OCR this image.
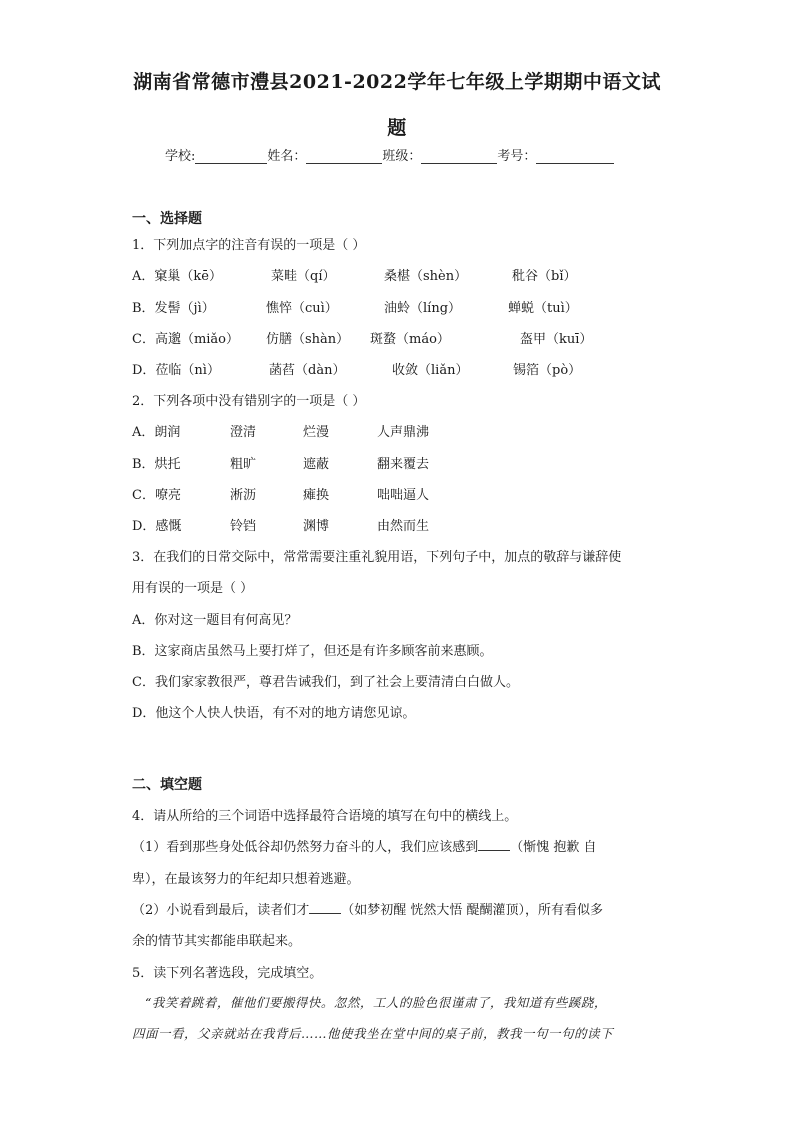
湖南省常德市澧县2021-2022学年七年级上学期期中语文试
题
学校:	姓名：	班级：	考号：
一、选择题
1．下列加点字的注音有误的一项是（ ）
A．窠巢（kē）	菜畦（qí）	桑椹（shèn）	秕谷（bǐ）
B．发髻（jì）	憔悴（cuì）	油蛉（líng）	蝉蜕（tuì）
C．高邈（miǎo） 仿膳（shàn） 斑蝥（máo）	盔甲（kuī）
D．莅临（nì）	菡萏（dàn）	收敛（liǎn）	锡箔（pò）
2．下列各项中没有错别字的一项是（ ）
A．朗润	澄清	烂漫	人声鼎沸
B．烘托	粗旷	遮蔽	翻来覆去
C．嘹亮	淅沥	瘫换	咄咄逼人
D．感慨	铃铛	渊博	由然而生
3．在我们的日常交际中，常常需要注重礼貌用语，下列句子中，加点的敬辞与谦辞使
用有误的一项是（ ）
A．你对这一题目有何高见？
B．这家商店虽然马上要打烊了，但还是有许多顾客前来惠顾。
C．我们家家教很严，尊君告诫我们，到了社会上要清清白白做人。
D．他这个人快人快语，有不对的地方请您见谅。
二、填空题
4．请从所给的三个词语中选择最符合语境的填写在句中的横线上。
（1）看到那些身处低谷却仍然努力奋斗的人，我们应该感到 （惭愧 抱歉 自
卑），在最该努力的年纪却只想着逃避。
（2）小说看到最后，读者们才 （如梦初醒 恍然大悟 醍醐灌顶），所有看似多
余的情节其实都能串联起来。
5．读下列名著选段，完成填空。
“我笑着跳着，催他们要搬得快。忽然，工人的脸色很谨肃了，我知道有些蹊跷，
四面一看，父亲就站在我背后……他使我坐在堂中间的桌子前，教我一句一句的读下
